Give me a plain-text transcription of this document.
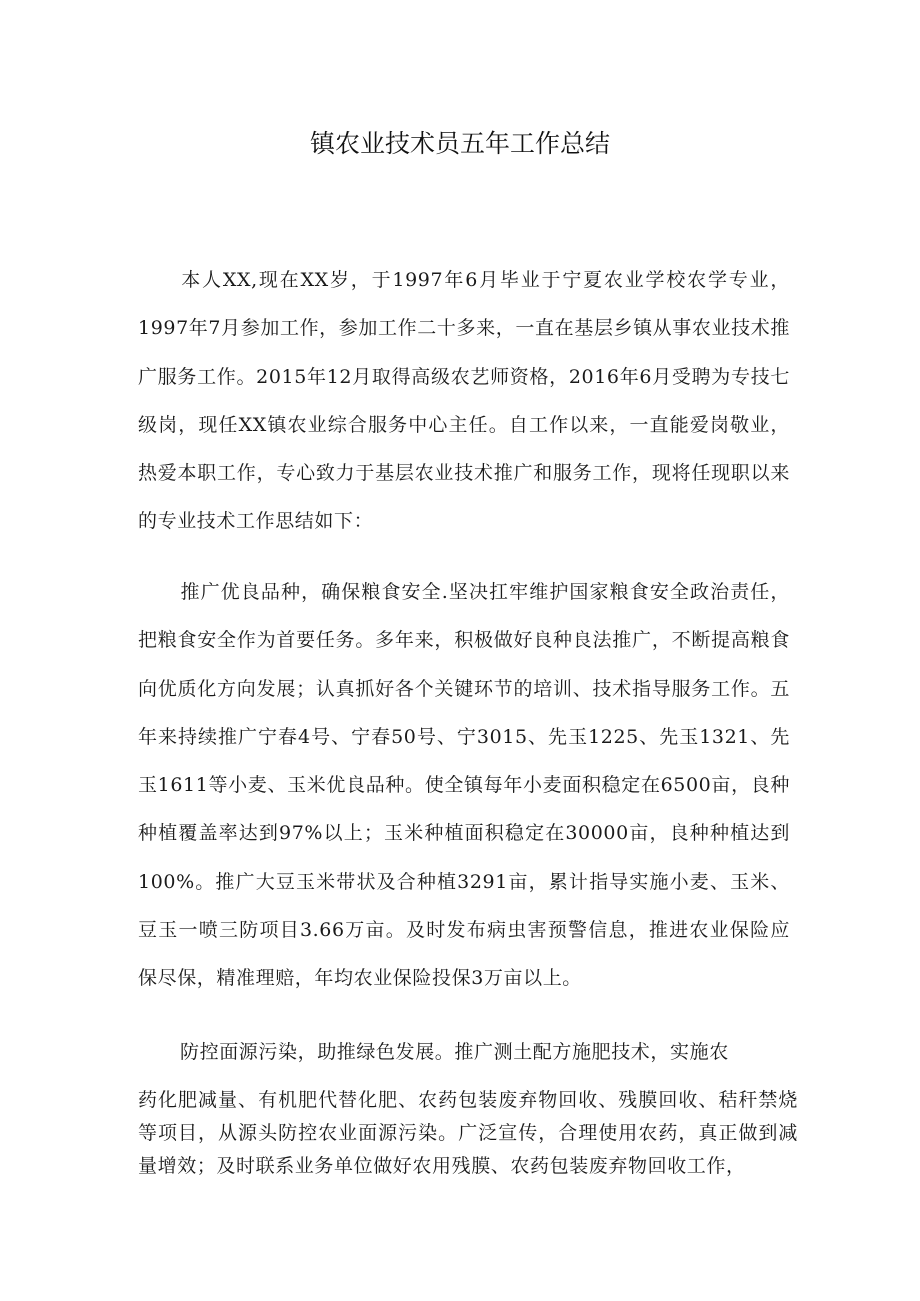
镇农业技术员五年工作总结

本人XX,现在XX岁，于1997年6月毕业于宁夏农业学校农学专业，1997年7月参加工作，参加工作二十多来，一直在基层乡镇从事农业技术推广服务工作。2015年12月取得高级农艺师资格，2016年6月受聘为专技七级岗，现任XX镇农业综合服务中心主任。自工作以来，一直能爱岗敬业，热爱本职工作，专心致力于基层农业技术推广和服务工作，现将任现职以来的专业技术工作思结如下：

推广优良品种，确保粮食安全.坚决扛牢维护国家粮食安全政治责任，把粮食安全作为首要任务。多年来，积极做好良种良法推广，不断提高粮食向优质化方向发展；认真抓好各个关键环节的培训、技术指导服务工作。五年来持续推广宁春4号、宁春50号、宁3015、先玉1225、先玉1321、先玉1611等小麦、玉米优良品种。使全镇每年小麦面积稳定在6500亩，良种种植覆盖率达到97%以上；玉米种植面积稳定在30000亩，良种种植达到100%。推广大豆玉米带状及合种植3291亩，累计指导实施小麦、玉米、豆玉一喷三防项目3.66万亩。及时发布病虫害预警信息，推进农业保险应保尽保，精准理赔，年均农业保险投保3万亩以上。

防控面源污染，助推绿色发展。推广测土配方施肥技术，实施农

药化肥减量、有机肥代替化肥、农药包装废弃物回收、残膜回收、秸秆禁烧等项目，从源头防控农业面源污染。广泛宣传，合理使用农药，真正做到减量增效；及时联系业务单位做好农用残膜、农药包装废弃物回收工作，
